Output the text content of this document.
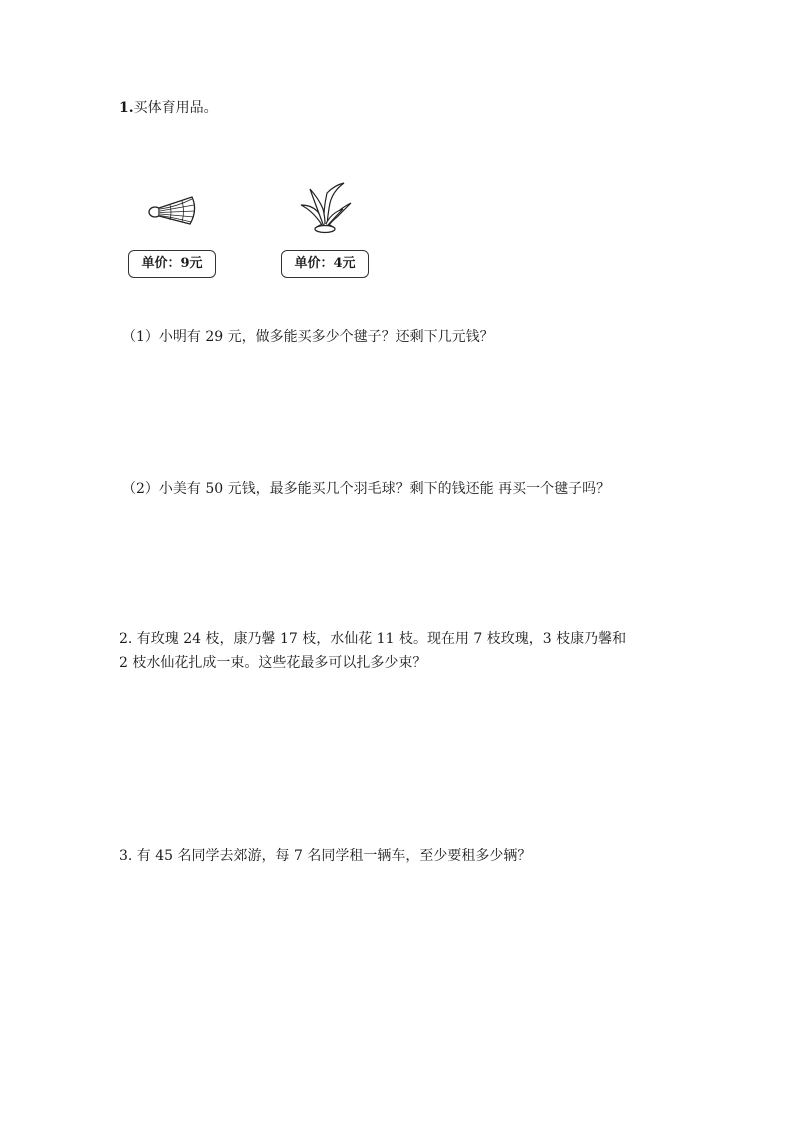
1.买体育用品。
单价：9元	单价：4元
（1）小明有 29 元，做多能买多少个毽子？还剩下几元钱？
（2）小美有 50 元钱，最多能买几个羽毛球？剩下的钱还能 再买一个毽子吗？
2. 有玫瑰 24 枝，康乃馨 17 枝，水仙花 11 枝。现在用 7 枝玫瑰，3 枝康乃馨和
2 枝水仙花扎成一束。这些花最多可以扎多少束？
3. 有 45 名同学去郊游，每 7 名同学租一辆车，至少要租多少辆？
